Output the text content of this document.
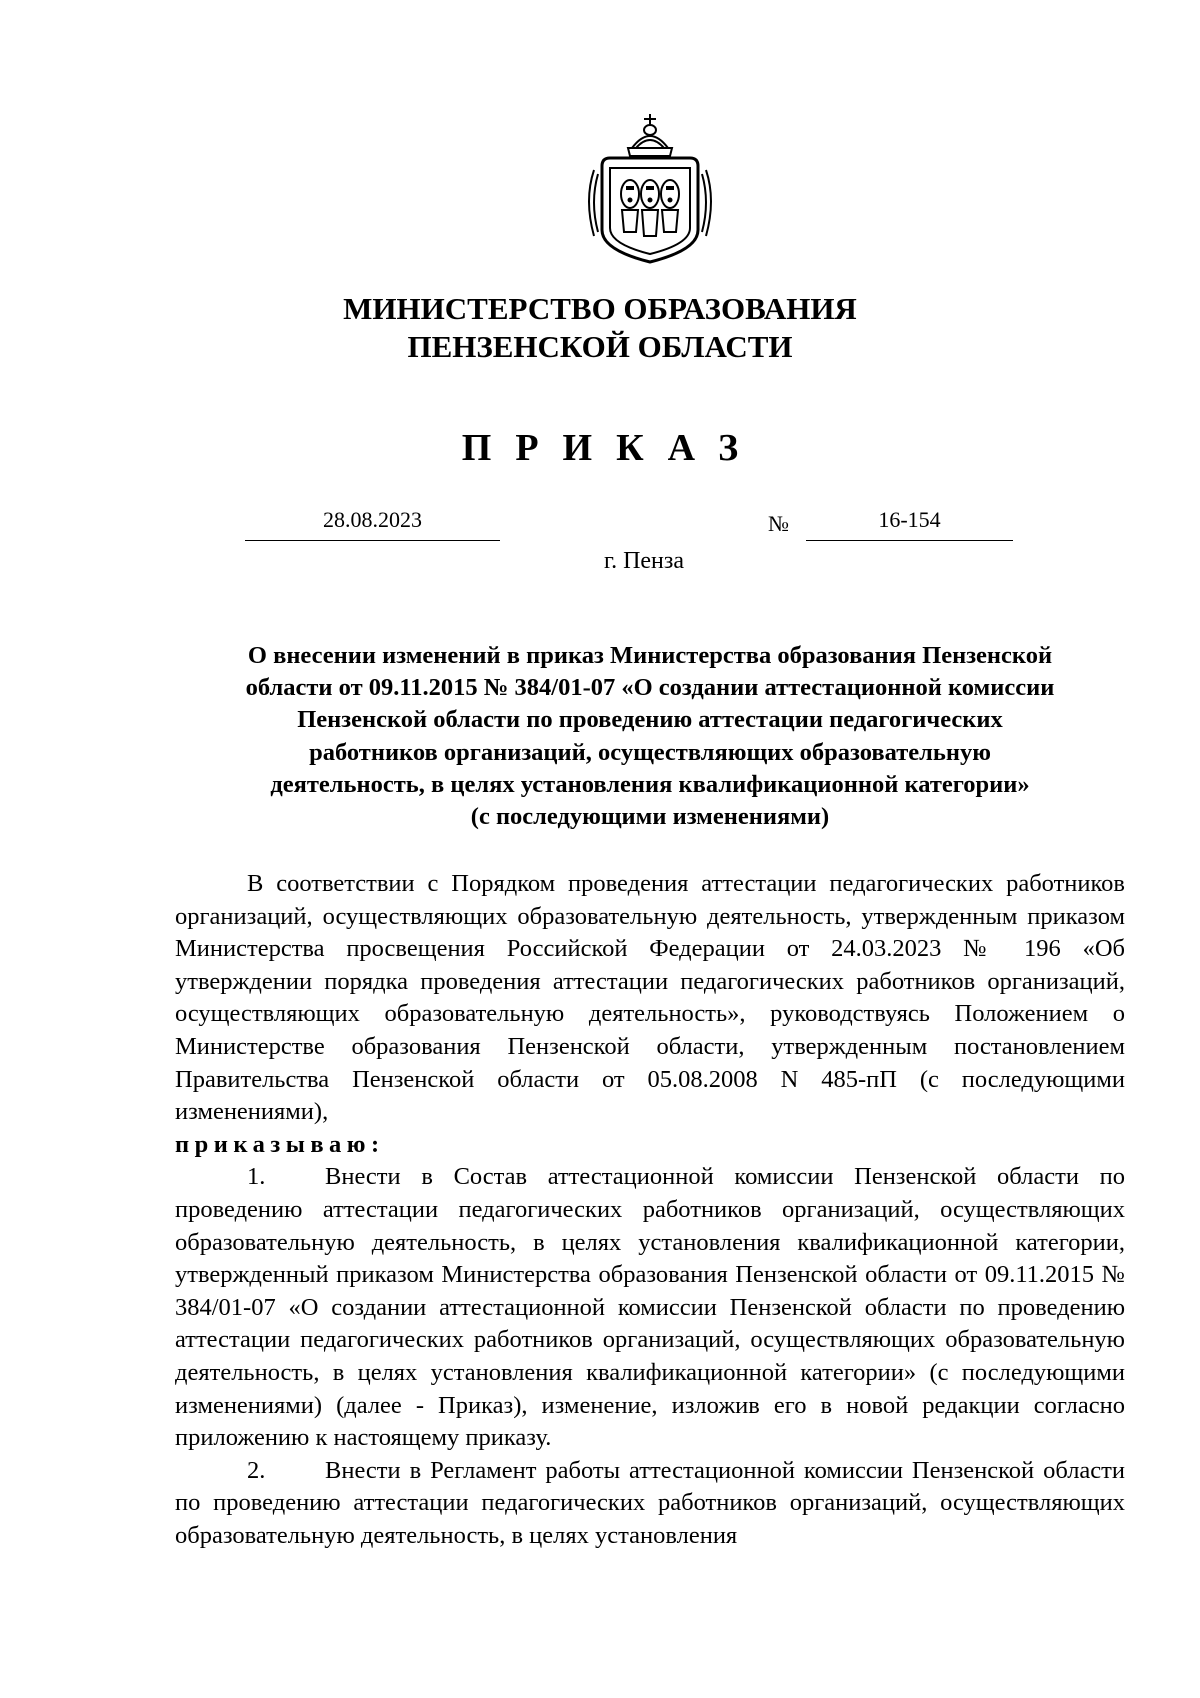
МИНИСТЕРСТВО ОБРАЗОВАНИЯ
ПЕНЗЕНСКОЙ ОБЛАСТИ
ПРИКАЗ
28.08.2023	№	16-154
г. Пенза
О внесении изменений в приказ Министерства образования Пензенской
области от 09.11.2015 № 384/01-07 «О создании аттестационной комиссии
Пензенской области по проведению аттестации педагогических
работников организаций, осуществляющих образовательную
деятельность, в целях установления квалификационной категории»
(с последующими изменениями)

В соответствии с Порядком проведения аттестации педагогических работников организаций, осуществляющих образовательную деятельность, утвержденным приказом Министерства просвещения Российской Федерации от 24.03.2023 № 196 «Об утверждении порядка проведения аттестации педагогических работников организаций, осуществляющих образовательную деятельность», руководствуясь Положением о Министерстве образования Пензенской области, утвержденным постановлением Правительства Пензенской области от 05.08.2008 N 485-пП (с последующими изменениями),

приказываю:

1. Внести в Состав аттестационной комиссии Пензенской области по проведению аттестации педагогических работников организаций, осуществляющих образовательную деятельность, в целях установления квалификационной категории, утвержденный приказом Министерства образования Пензенской области от 09.11.2015 № 384/01-07 «О создании аттестационной комиссии Пензенской области по проведению аттестации педагогических работников организаций, осуществляющих образовательную деятельность, в целях установления квалификационной категории» (с последующими изменениями) (далее - Приказ), изменение, изложив его в новой редакции согласно приложению к настоящему приказу.

2. Внести в Регламент работы аттестационной комиссии Пензенской области по проведению аттестации педагогических работников организаций, осуществляющих образовательную деятельность, в целях установления
